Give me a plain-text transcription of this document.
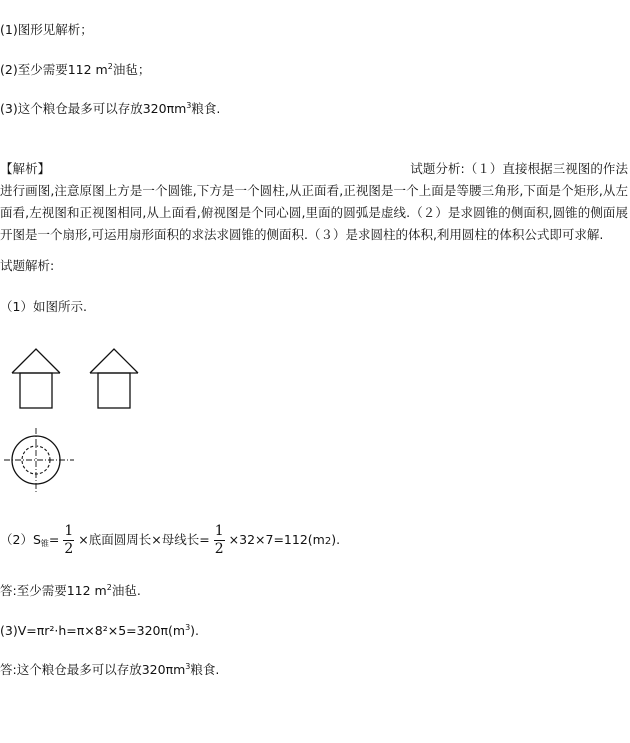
(1)图形见解析；
(2)至少需要112 $m^2$油毡；
(3)这个粮仓最多可以存放$320\pi m^3$粮食.
【解析】	试题分析:（１）直接根据三视图的作法进行画图,注意原图上方是一个圆锥,下方是一个圆柱,从正面看,正视图是一个上面是等腰三角形,下面是个矩形,从左面看,左视图和正视图相同,从上面看,俯视图是个同心圆,里面的圆弧是虚线.（２）是求圆锥的侧面积,圆锥的侧面展开图是一个扇形,可运用扇形面积的求法求圆锥的侧面积.（３）是求圆柱的体积,利用圆柱的体积公式即可求解.
试题解析:
（1）如图所示.
$(2)S_锥= \frac{1}{2}$ ×底面圆周长×母线长= $\frac{1}{2} \times 32\times 7=112(m2)$.
答:至少需要112 $m^2$油毡.
$(3)V=\pi r^2\cdot h=\pi\times 8^2\times 5=320\pi(m^3)$.
答:这个粮仓最多可以存放$320\pi m^3$粮食.
